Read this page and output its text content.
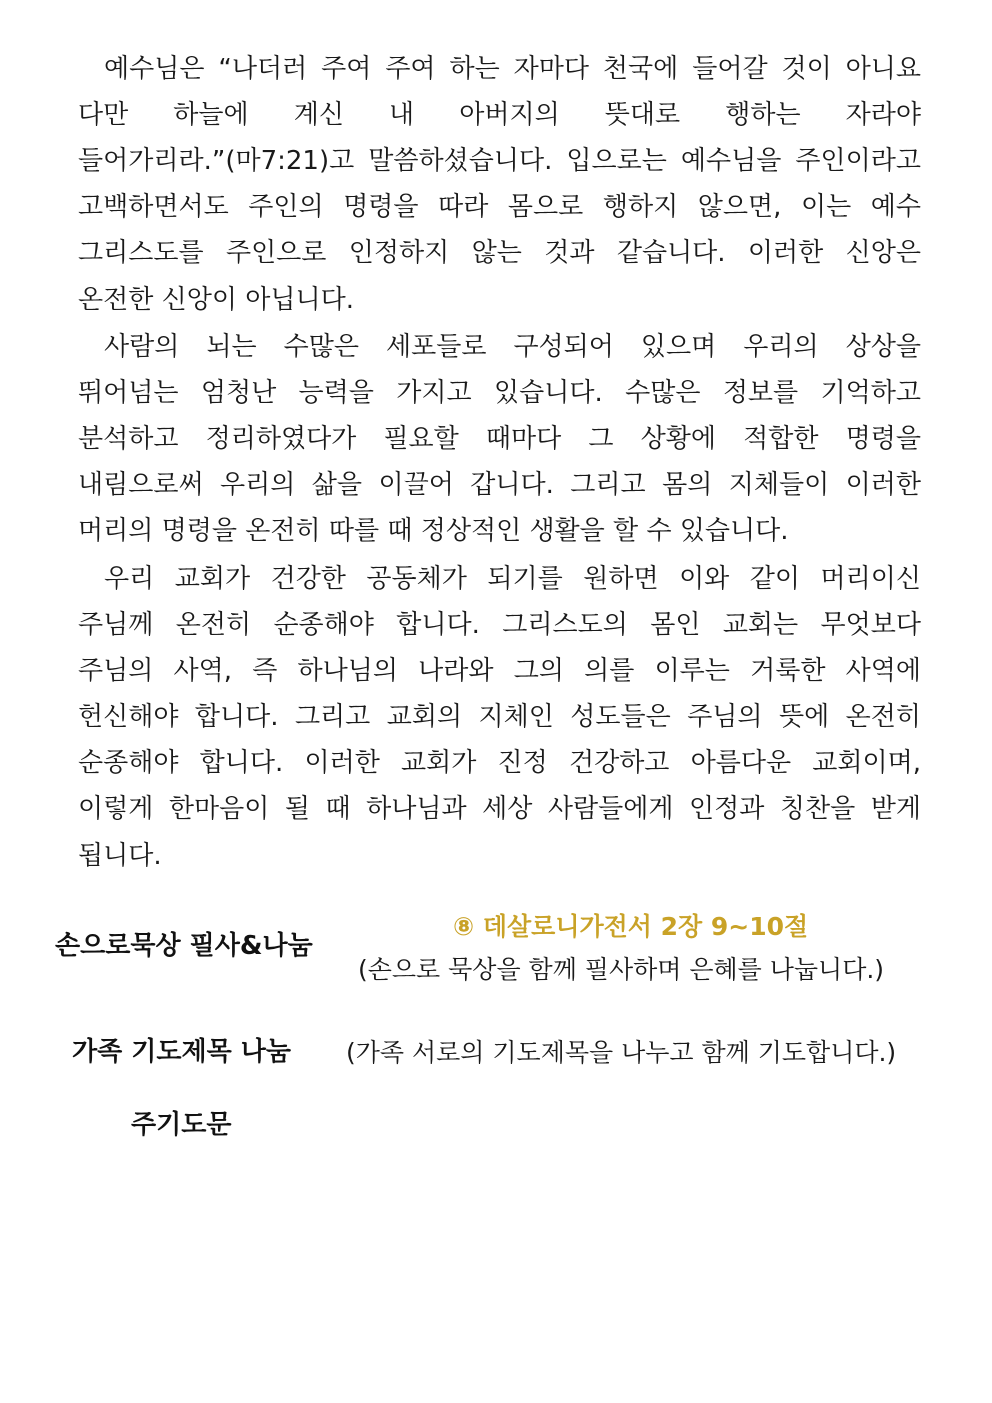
예수님은 “나더러 주여 주여 하는 자마다 천국에 들어갈 것이 아니요
다만 하늘에 계신 내 아버지의 뜻대로 행하는 자라야
들어가리라.”(마7:21)고 말씀하셨습니다. 입으로는 예수님을 주인이라고
고백하면서도 주인의 명령을 따라 몸으로 행하지 않으면, 이는 예수
그리스도를 주인으로 인정하지 않는 것과 같습니다. 이러한 신앙은
온전한 신앙이 아닙니다.
사람의 뇌는 수많은 세포들로 구성되어 있으며 우리의 상상을
뛰어넘는 엄청난 능력을 가지고 있습니다. 수많은 정보를 기억하고
분석하고 정리하였다가 필요할 때마다 그 상황에 적합한 명령을
내림으로써 우리의 삶을 이끌어 갑니다. 그리고 몸의 지체들이 이러한
머리의 명령을 온전히 따를 때 정상적인 생활을 할 수 있습니다.
우리 교회가 건강한 공동체가 되기를 원하면 이와 같이 머리이신
주님께 온전히 순종해야 합니다. 그리스도의 몸인 교회는 무엇보다
주님의 사역, 즉 하나님의 나라와 그의 의를 이루는 거룩한 사역에
헌신해야 합니다. 그리고 교회의 지체인 성도들은 주님의 뜻에 온전히
순종해야 합니다. 이러한 교회가 진정 건강하고 아름다운 교회이며,
이렇게 한마음이 될 때 하나님과 세상 사람들에게 인정과 칭찬을 받게
됩니다.
손으로묵상 필사&나눔
⑧ 데살로니가전서 2장 9~10절
(손으로 묵상을 함께 필사하며 은혜를 나눕니다.)
가족 기도제목 나눔 (가족 서로의 기도제목을 나누고 함께 기도합니다.)
주기도문
